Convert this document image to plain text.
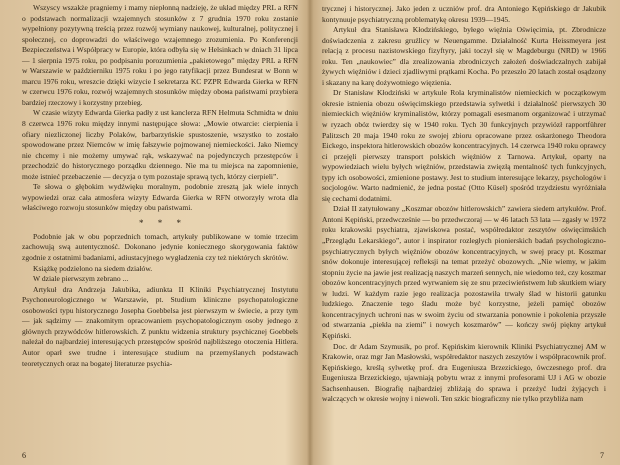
Wszyscy wszakże pragniemy i mamy niepłonną nadzieję, że układ między PRL a RFN o podstawach normalizacji wzajemnych stosunków z 7 grudnia 1970 roku zostanie wypełniony pozytywną treścią przez rozwój wymiany naukowej, kulturalnej, politycznej i społecznej, co doprowadzi do właściwego wzajemnego zrozumienia. Po Konferencji Bezpieczeństwa i Współpracy w Europie, która odbyła się w Helsinkach w dniach 31 lipca — 1 sierpnia 1975 roku, po podpisaniu porozumienia „pakietowego” między PRL a RFN w Warszawie w październiku 1975 roku i po jego ratyfikacji przez Bundesrat w Bonn w marcu 1976 roku, wreszcie dzięki wizycie I sekretarza KC PZPR Edwarda Gierka w RFN w czerwcu 1976 roku, rozwój wzajemnych stosunków między obома państwami przybiera bardziej rzeczowy i korzystny przebieg.

W czasie wizyty Edwarda Gierka padły z ust kanclerza RFN Helmuta Schmidta w dniu 8 czerwca 1976 roku między innymi następujące słowa: „Mowie otwarcie: cierpienia i ofiary niezliczonej liczby Polaków, barbarzyńskie spustoszenie, wszystko to zostało spowodowane przez Niemców w imię fałszywie pojmowanej niemieckości. Jako Niemcy nie chcemy i nie możemy umywać rąk, wskazywać na pojedynczych przestępców i przechodzić do historycznego porządku dziennego. Nie ma tu miejsca na zapomnienie, może istnieć przebaczenie — decyzja o tym pozostaje sprawą tych, którzy cierpieli”.

Te słowa o głębokim wydźwięku moralnym, podobnie zresztą jak wiele innych wypowiedzi oraz cała atmosfera wizyty Edwarda Gierka w RFN otworzyły wrota dla właściwego rozwoju stosunków między obu państwami.

* * *

Podobnie jak w obu poprzednich tomach, artykuły publikowane w tomie trzecim zachowują swą autentyczność. Dokonano jedynie koniecznego skorygowania faktów zgodnie z ostatnimi badaniami, adiustacyjnego wygładzenia czy też niektórych skrótów.

Książkę podzielono na siedem działów.

W dziale pierwszym zebrano ...

Artykuł dra Andrzeja Jakubika, adiunkta II Kliniki Psychiatrycznej Instytutu Psychoneurologicznego w Warszawie, pt. Studium kliniczne psychopatologiczne osobowości typu historycznego Josepha Goebbelsa jest pierwszym w świecie, a przy tym — jak sądzimy — znakomitym opracowaniem psychopatologicznym osoby jednego z głównych przywódców hitlerowskich. Z punktu widzenia struktury psychicznej Goebbels należał do najbardziej interesujących przestępców spośród najbliższego otoczenia Hitlera. Autor oparł swe trudne i interesujące studium na przemyślanych podstawach teoretycznych oraz na bogatej literaturze psychia-

6

trycznej i historycznej. Jako jeden z uczniów prof. dra Antoniego Kępińskiego dr Jakubik kontynuuje psychiatryczną problematykę okresu 1939—1945.

Artykuł dra Stanisława Kłodzińskiego, byłego więźnia Oświęcimia, pt. Zbrodnicze doświadczenia z zakresu gruźlicy w Neuengamme. Działalność Kurta Heissmeyera jest relacją z procesu nazistowskiego fizyftyry, jaki toczył się w Magdeburgu (NRD) w 1966 roku. Ten „naukowiec” dla zrealizowania zbrodniczych założeń doświadczalnych zabijał żywych więźniów i dzieci zjadliwymi prątkami Kocha. Po przeszło 20 latach został osądzony i skazany na karę dożywotniego więzienia.

Dr Stanisław Kłodziński w artykule Rola kryminalistów niemieckich w początkowym okresie istnienia obozu oświęcimskiego przedstawia sylwetki i działalność pierwszych 30 niemieckich więźniów kryminalistów, którzy pomagali esesmanom organizować i utrzymać w ryzach obóz twierdzy się w 1940 roku. Tych 30 funkcyjnych przywiózł rapportführer Palitzsch 20 maja 1940 roku ze swojej zbioru opracowane przez oskarżonego Theodora Eickego, inspektora hitlerowskich obozów koncentracyjnych. 14 czerwca 1940 roku oprawcy ci przejęli pierwszy transport polskich więźniów z Tarnowa. Artykuł, oparty na wypowiedziach wielu byłych więźniów, przedstawia zwięzłą mentalność tych funkcyjnych, typy ich osobowości, zmienione postawy. Jest to studium interesujące lekarzy, psychologów i socjologów. Warto nadmienić, że jedna postać (Otto Küsel) spośród trzydziestu wyróżniała się cechami dodatnimi.

Dział II zatytułowany „Koszmar obozów hitlerowskich” zawiera siedem artykułów. Prof. Antoni Kępiński, przedwcześnie — bo przedwczoraj — w 46 latach 53 lata — zgasły w 1972 roku krakowski psychiatra, zjawiskowa postać, współredaktor zeszytów oświęcimskich „Przeglądu Lekarskiego”, autor i inspirator rozległych pionierskich badań psychologiczno-psychiatrycznych byłych więźniów obozów koncentracyjnych, w swej pracy pt. Koszmar snów dokonuje interesującej refleksji na temat przeżyć obozowych. „Nie wiemy, w jakim stopniu życie na jawie jest realizacją naszych marzeń sennych, nie wiedomo też, czy koszmar obozów koncentracyjnych przed wyrwaniem się ze snu przeciwieństwem lub skutkiem wiary w ludzi. W każdym razie jego realizacja pozostawiła trwały ślad w historii gatunku ludzkiego. Znaczenie tego śladu może być korzystne, jeżeli pamięć obozów koncentracyjnych uchroni nas w swoim życiu od stwarzania ponownie i pokolenia przyszłe od stwarzania „piekła na ziemi” i nowych koszmarów” — kończy swój piękny artykuł Kępiński.

Doc. dr Adam Szymusik, po prof. Kępińskim kierownik Kliniki Psychiatrycznej AM w Krakowie, oraz mgr Jan Masłowski, współredaktor naszych zeszytów i współpracownik prof. Kępińskiego, kreślą sylwetkę prof. dra Eugeniusza Brzezickiego, ówczesnego prof. dra Eugeniusza Brzezickiego, ujawniają pobytu wraz z innymi profesorami UJ i AG w obozie Sachsenhausen. Biografię najbardziej zbliżają do sprawa i przeżyć ludzi żyjących i walczących w okresie wojny i niewoli. Ten szkic biograficzny nie tylko przybliża nam

7
